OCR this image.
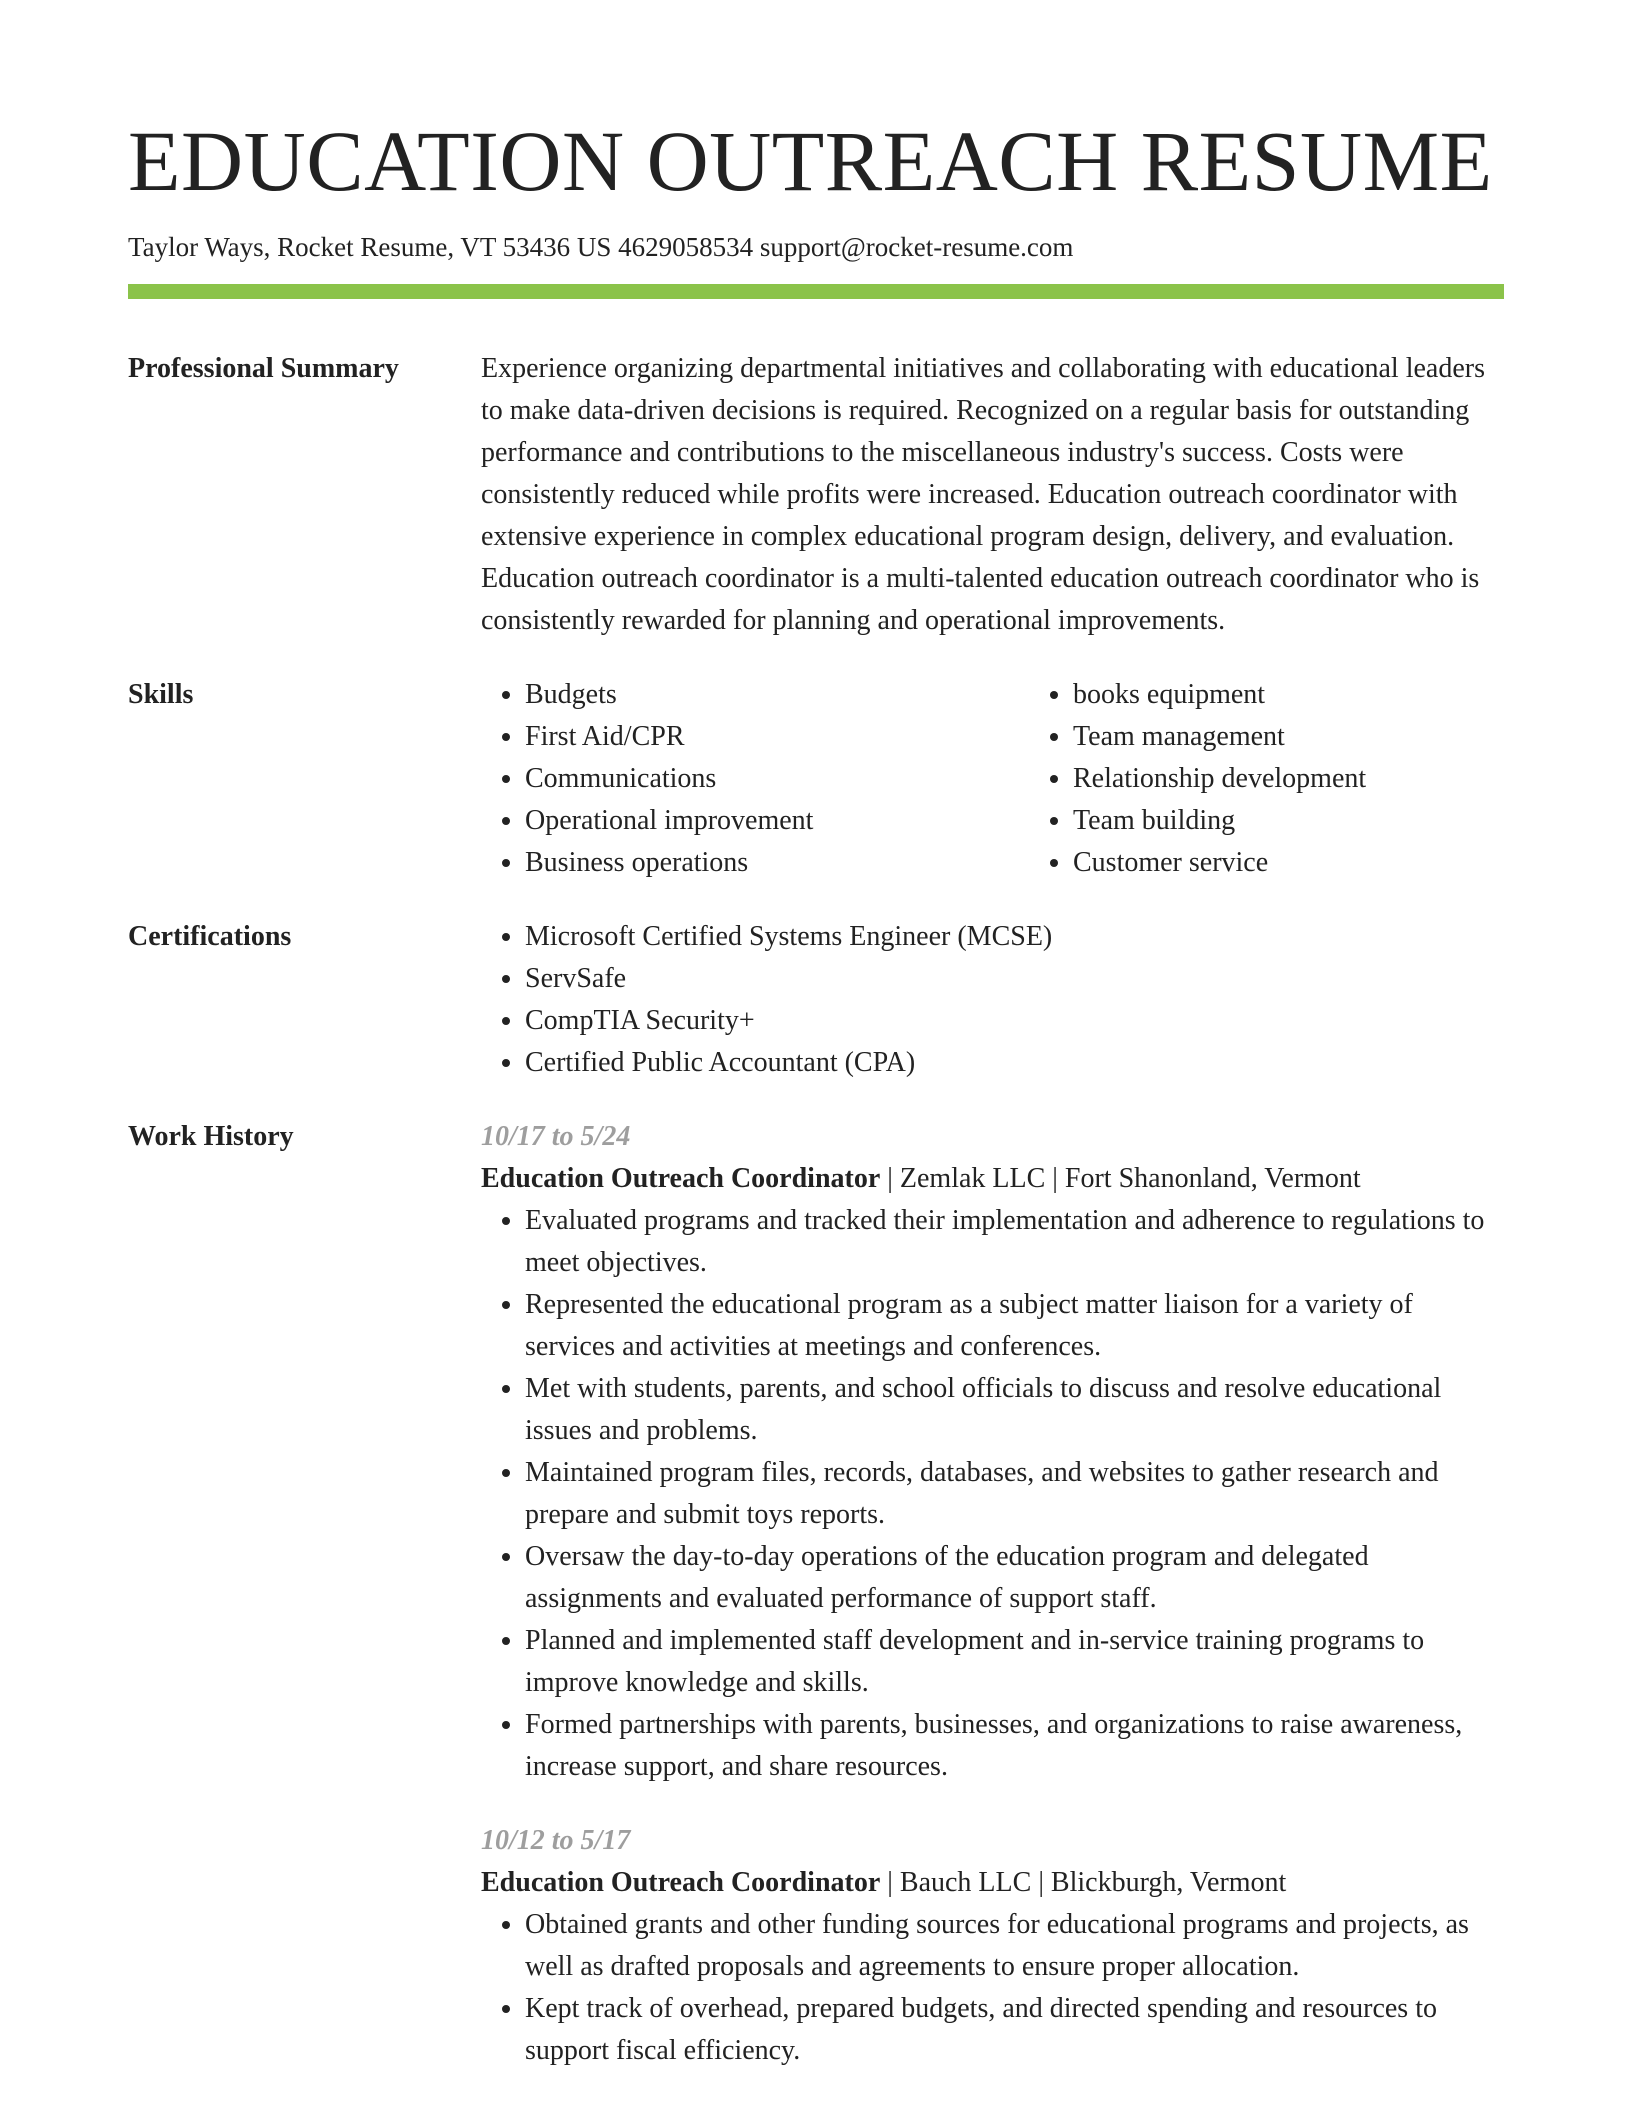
EDUCATION OUTREACH RESUME
Taylor Ways, Rocket Resume, VT 53436 US 4629058534 support@rocket-resume.com
Professional Summary	Experience organizing departmental initiatives and collaborating with educational leaders to make data-driven decisions is required. Recognized on a regular basis for outstanding performance and contributions to the miscellaneous industry's success. Costs were consistently reduced while profits were increased. Education outreach coordinator with extensive experience in complex educational program design, delivery, and evaluation. Education outreach coordinator is a multi-talented education outreach coordinator who is consistently rewarded for planning and operational improvements.

Skills	• Budgets
• First Aid/CPR
• Communications
• Operational improvement
• Business operations
• books equipment
• Team management
• Relationship development
• Team building
• Customer service
Certifications	• Microsoft Certified Systems Engineer (MCSE)
• ServSafe
• CompTIA Security+
• Certified Public Accountant (CPA)
Work History	10/17 to 5/24
Education Outreach Coordinator | Zemlak LLC | Fort Shanonland, Vermont
• Evaluated programs and tracked their implementation and adherence to regulations to meet objectives.
• Represented the educational program as a subject matter liaison for a variety of services and activities at meetings and conferences.
• Met with students, parents, and school officials to discuss and resolve educational issues and problems.
• Maintained program files, records, databases, and websites to gather research and prepare and submit toys reports.
• Oversaw the day-to-day operations of the education program and delegated assignments and evaluated performance of support staff.
• Planned and implemented staff development and in-service training programs to improve knowledge and skills.
• Formed partnerships with parents, businesses, and organizations to raise awareness, increase support, and share resources.
10/12 to 5/17
Education Outreach Coordinator | Bauch LLC | Blickburgh, Vermont
• Obtained grants and other funding sources for educational programs and projects, as well as drafted proposals and agreements to ensure proper allocation.
• Kept track of overhead, prepared budgets, and directed spending and resources to support fiscal efficiency.
